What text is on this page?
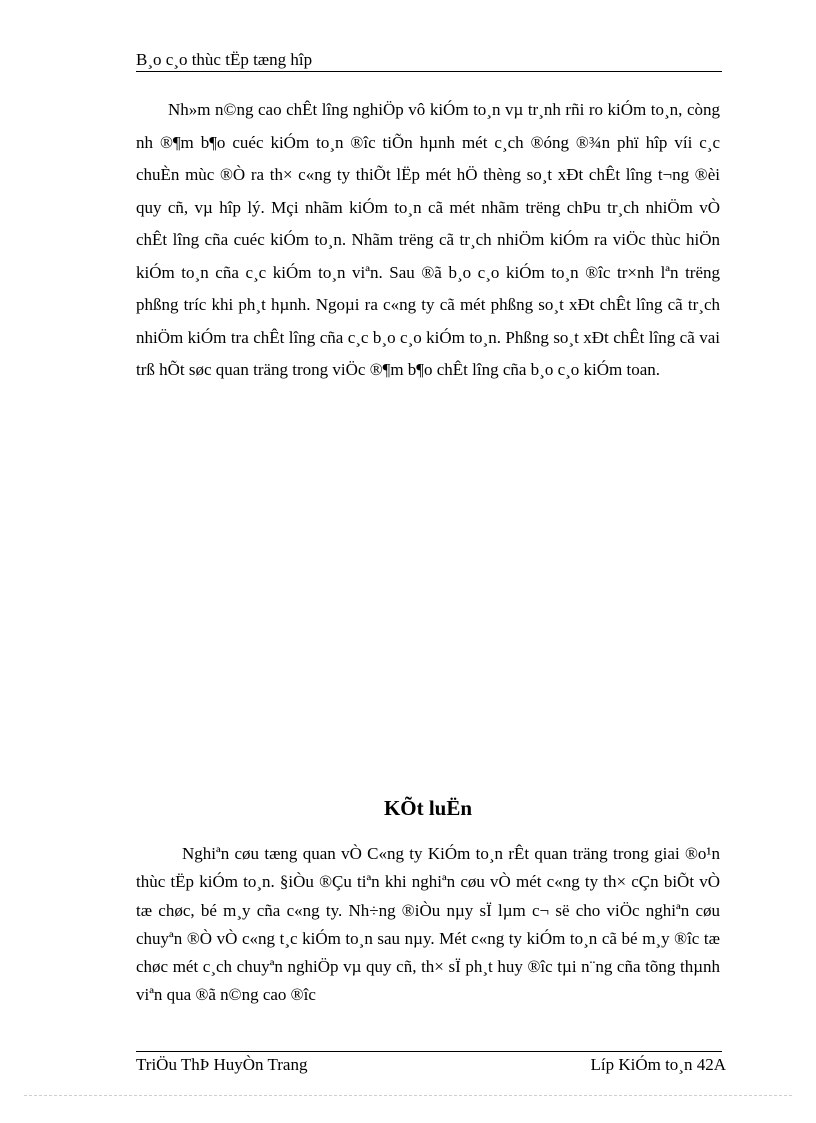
B¸o c¸o thùc tËp tæng hîp

Nh»m n©ng cao chÊt lîng nghiÖp vô kiÓm to¸n vµ tr¸nh rñi ro kiÓm to¸n, còng nh ®¶m b¶o cuéc kiÓm to¸n ®îc tiÕn hµnh mét c¸ch ®óng ®¾n phï hîp víi c¸c chuÈn mùc ®Ò ra th× c«ng ty thiÕt lËp mét hÖ thèng so¸t xÐt chÊt lîng t¬ng ®èi quy cñ, vµ hîp lý. Mçi nhãm kiÓm to¸n cã mét nhãm trëng chÞu tr¸ch nhiÖm vÒ chÊt lîng cña cuéc kiÓm to¸n. Nhãm trëng cã tr¸ch nhiÖm kiÓm ra viÖc thùc hiÖn kiÓm to¸n cña c¸c kiÓm to¸n viªn. Sau ®ã b¸o c¸o kiÓm to¸n ®îc tr×nh lªn trëng phßng tríc khi ph¸t hµnh. Ngoµi ra c«ng ty cã mét phßng so¸t xÐt chÊt lîng cã tr¸ch nhiÖm kiÓm tra chÊt lîng cña c¸c b¸o c¸o kiÓm to¸n. Phßng so¸t xÐt chÊt lîng cã vai trß hÕt søc quan träng trong viÖc ®¶m b¶o chÊt lîng cña b¸o c¸o kiÓm toan.

KÕt luËn

Nghiªn cøu tæng quan vÒ C«ng ty KiÓm to¸n rÊt quan träng trong giai ®o¹n thùc tËp kiÓm to¸n. §iÒu ®Çu tiªn khi nghiªn cøu vÒ mét c«ng ty th× cÇn biÕt vÒ tæ chøc, bé m¸y cña c«ng ty. Nh÷ng ®iÒu nµy sÏ lµm c¬ së cho viÖc nghiªn cøu chuyªn ®Ò vÒ c«ng t¸c kiÓm to¸n sau nµy. Mét c«ng ty kiÓm to¸n cã bé m¸y ®îc tæ chøc mét c¸ch chuyªn nghiÖp vµ quy cñ, th× sÏ ph¸t huy ®îc tµi n¨ng cña tõng thµnh viªn qua ®ã n©ng cao ®îc

TriÖu ThÞ HuyÒn Trang	Líp KiÓm to¸n 42A
